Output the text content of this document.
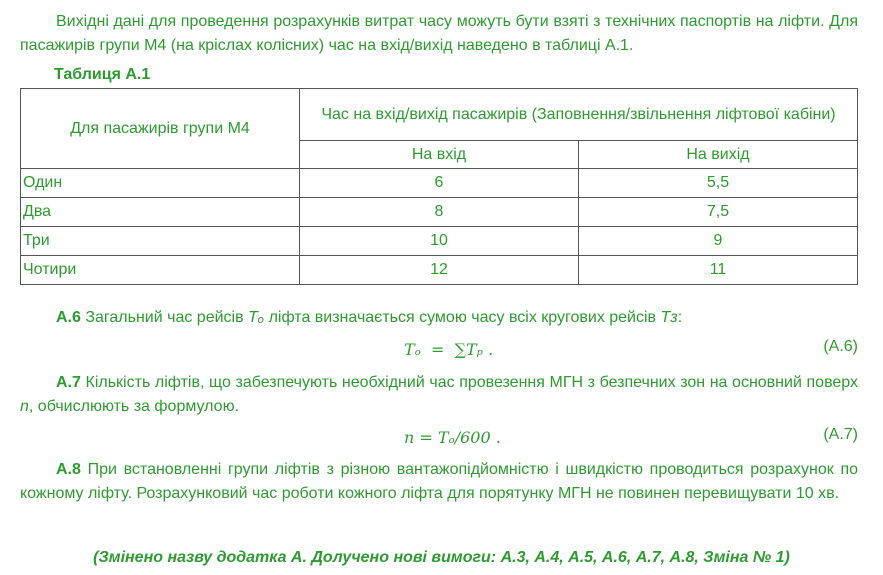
Вихідні дані для проведення розрахунків витрат часу можуть бути взяті з технічних паспортів на ліфти. Для пасажирів групи М4 (на кріслах колісних) час на вхід/вихід наведено в таблиці А.1.

Таблиця А.1
Для пасажирів групи М4	Час на вхід/вихід пасажирів (Заповнення/звільнення ліфтової кабіни)	
	На вхід	На вихід
Один	6	5,5
Два	8	7,5
Три	10	9
Чотири	12	11

А.6 Загальний час рейсів Tₒ ліфта визначається сумою часу всіх кругових рейсів Tз:

Tₒ  =  ∑Tₚ .	(А.6)

А.7 Кількість ліфтів, що забезпечують необхідний час провезення МГН з безпечних зон на основний поверх n, обчислюють за формулою.

n = Tₒ/600 .	(А.7)

А.8 При встановленні групи ліфтів з різною вантажопідйомністю і швидкістю проводиться розрахунок по кожному ліфту. Розрахунковий час роботи кожного ліфта для порятунку МГН не повинен перевищувати 10 хв.

(Змінено назву додатка А. Долучено нові вимоги: А.3, А.4, А.5, А.6, А.7, А.8, Зміна № 1)
